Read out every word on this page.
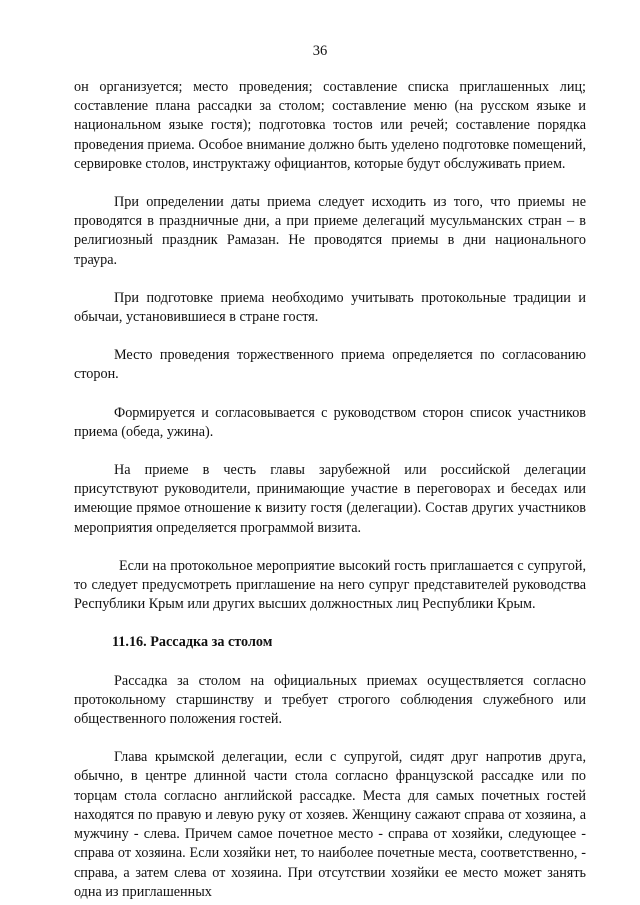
36

он организуется; место проведения; составление списка приглашенных лиц; составление плана рассадки за столом; составление меню (на русском языке и национальном языке гостя); подготовка тостов или речей; составление порядка проведения приема. Особое внимание должно быть уделено подготовке помещений, сервировке столов, инструктажу официантов, которые будут обслуживать прием.

При определении даты приема следует исходить из того, что приемы не проводятся в праздничные дни, а при приеме делегаций мусульманских стран – в религиозный праздник Рамазан. Не проводятся приемы в дни национального траура.

При подготовке приема необходимо учитывать протокольные традиции и обычаи, установившиеся в стране гостя.

Место проведения торжественного приема определяется по согласованию сторон.

Формируется и согласовывается с руководством сторон список участников приема (обеда, ужина).

На приеме в честь главы зарубежной или российской делегации присутствуют руководители, принимающие участие в переговорах и беседах или имеющие прямое отношение к визиту гостя (делегации). Состав других участников мероприятия определяется программой визита.

Если на протокольное мероприятие высокий гость приглашается с супругой, то следует предусмотреть приглашение на него супруг представителей руководства Республики Крым или других высших должностных лиц Республики Крым.

11.16. Рассадка за столом

Рассадка за столом на официальных приемах осуществляется согласно протокольному старшинству и требует строгого соблюдения служебного или общественного положения гостей.

Глава крымской делегации, если с супругой, сидят друг напротив друга, обычно, в центре длинной части стола согласно французской рассадке или по торцам стола согласно английской рассадке. Места для самых почетных гостей находятся по правую и левую руку от хозяев. Женщину сажают справа от хозяина, а мужчину - слева. Причем самое почетное место - справа от хозяйки, следующее - справа от хозяина. Если хозяйки нет, то наиболее почетные места, соответственно, - справа, а затем слева от хозяина. При отсутствии хозяйки ее место может занять одна из приглашенных
